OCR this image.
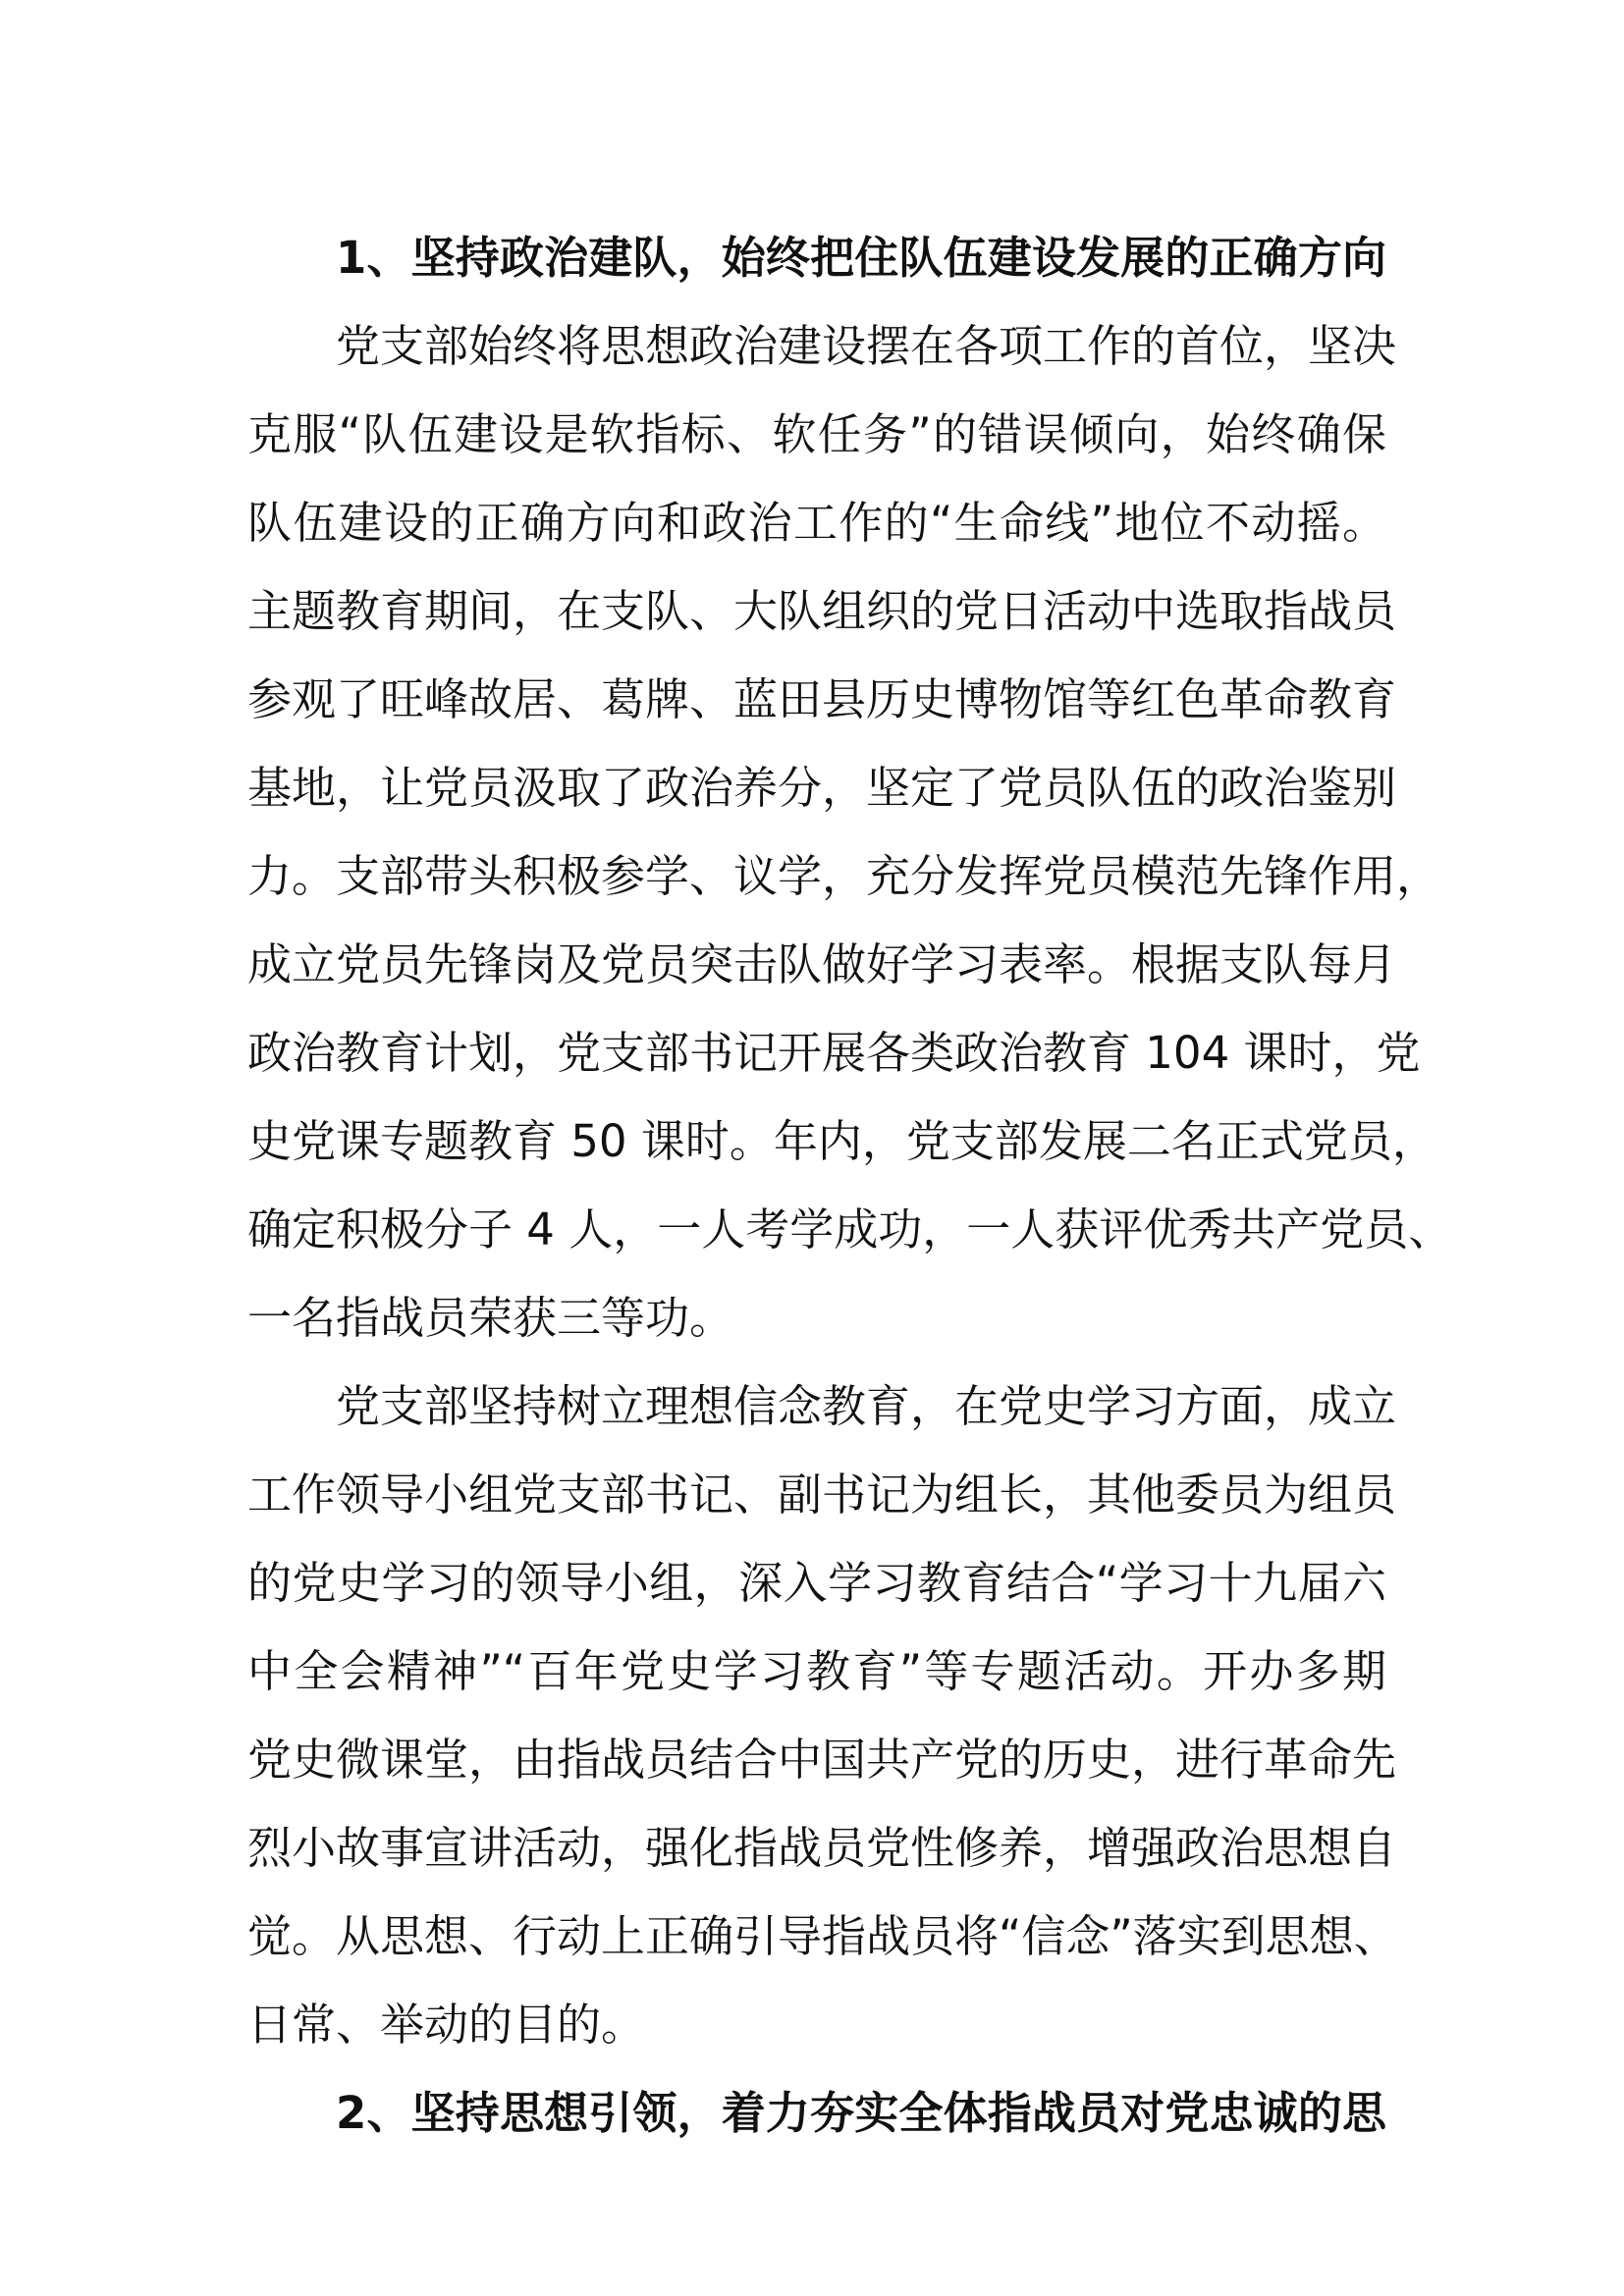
1、坚持政治建队，始终把住队伍建设发展的正确方向
党支部始终将思想政治建设摆在各项工作的首位，坚决
克服“队伍建设是软指标、软任务”的错误倾向，始终确保
队伍建设的正确方向和政治工作的“生命线”地位不动摇。
主题教育期间，在支队、大队组织的党日活动中选取指战员
参观了旺峰故居、葛牌、蓝田县历史博物馆等红色革命教育
基地，让党员汲取了政治养分，坚定了党员队伍的政治鉴别
力。支部带头积极参学、议学，充分发挥党员模范先锋作用，
成立党员先锋岗及党员突击队做好学习表率。根据支队每月
政治教育计划，党支部书记开展各类政治教育 104 课时，党
史党课专题教育 50 课时。年内，党支部发展二名正式党员，
确定积极分子 4 人，一人考学成功，一人获评优秀共产党员、
一名指战员荣获三等功。
党支部坚持树立理想信念教育，在党史学习方面，成立
工作领导小组党支部书记、副书记为组长，其他委员为组员
的党史学习的领导小组，深入学习教育结合“学习十九届六
中全会精神”“百年党史学习教育”等专题活动。开办多期
党史微课堂，由指战员结合中国共产党的历史，进行革命先
烈小故事宣讲活动，强化指战员党性修养，增强政治思想自
觉。从思想、行动上正确引导指战员将“信念”落实到思想、
日常、举动的目的。
2、坚持思想引领，着力夯实全体指战员对党忠诚的思
